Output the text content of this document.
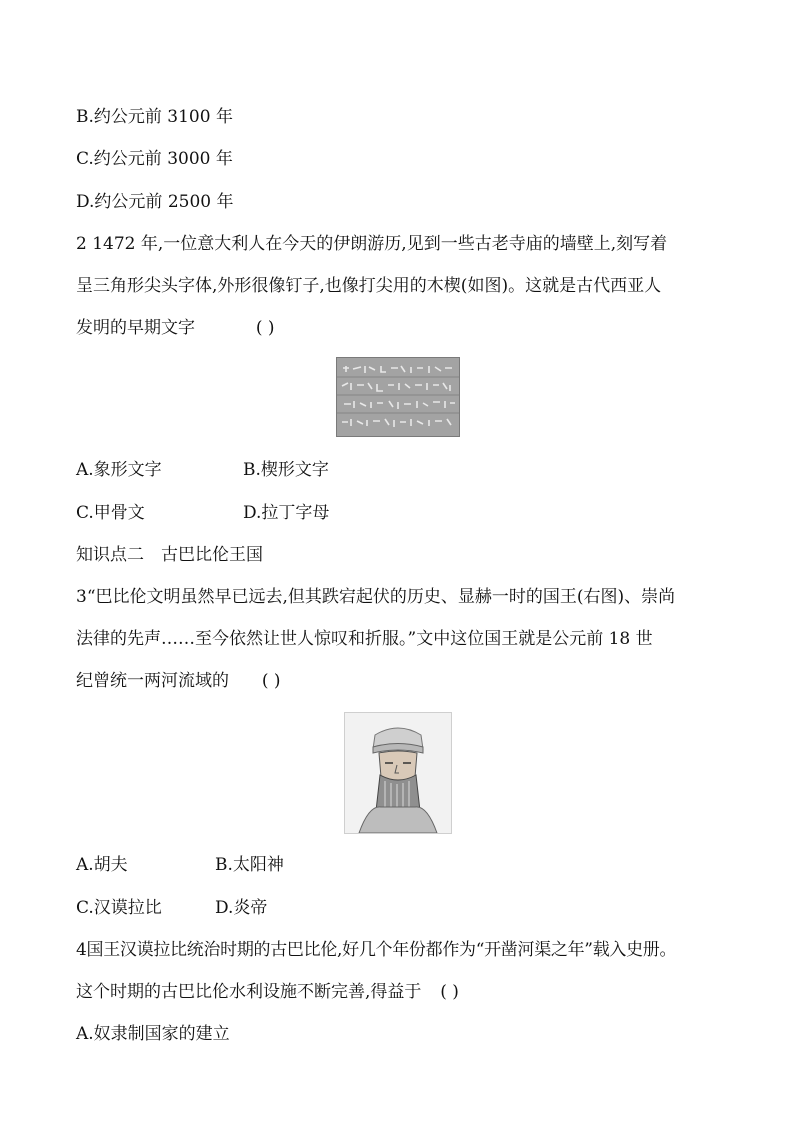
B.约公元前 3100 年
C.约公元前 3000 年
D.约公元前 2500 年
2 1472 年,一位意大利人在今天的伊朗游历,见到一些古老寺庙的墙壁上,刻写着
呈三角形尖头字体,外形很像钉子,也像打尖用的木楔(如图)。这就是古代西亚人
发明的早期文字	( )
A.象形文字	B.楔形文字
C.甲骨文	D.拉丁字母
知识点二　古巴比伦王国
3“巴比伦文明虽然早已远去,但其跌宕起伏的历史、显赫一时的国王(右图)、崇尚
法律的先声……至今依然让世人惊叹和折服。”文中这位国王就是公元前 18 世
纪曾统一两河流域的 ( )
A.胡夫	B.太阳神
C.汉谟拉比	D.炎帝
4国王汉谟拉比统治时期的古巴比伦,好几个年份都作为“开凿河渠之年”载入史册。
这个时期的古巴比伦水利设施不断完善,得益于 ( )
A.奴隶制国家的建立
